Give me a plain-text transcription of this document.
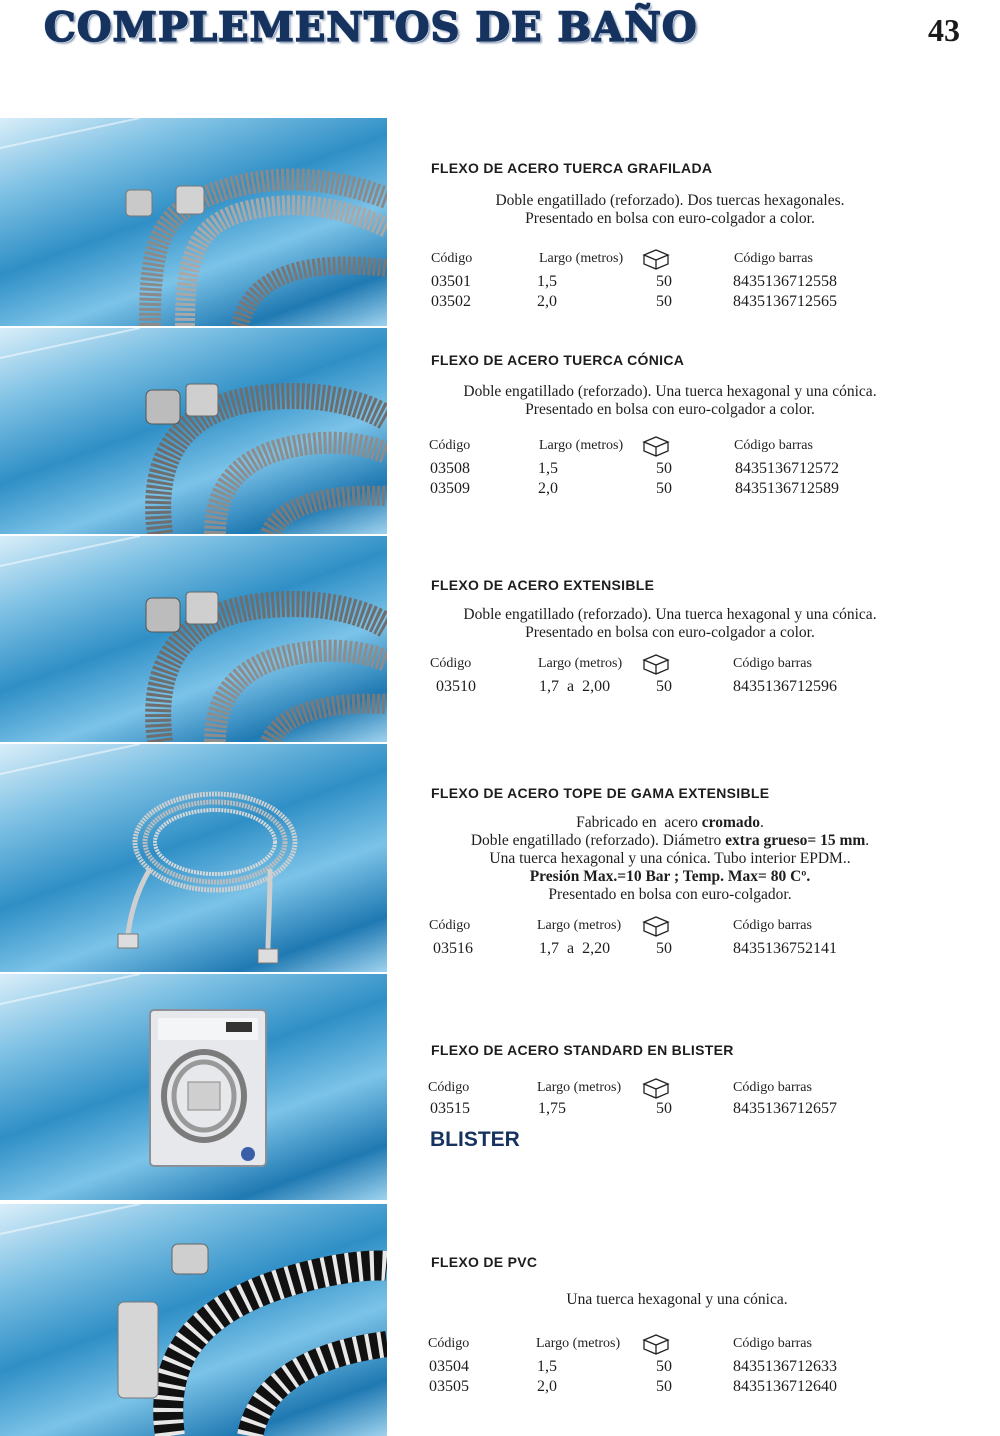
COMPLEMENTOS DE BAÑO	43
FLEXO DE ACERO TUERCA GRAFILADA
Doble engatillado (reforzado). Dos tuercas hexagonales.
Presentado en bolsa con euro-colgador a color.
Código	Largo (metros)	Código barras
03501	1,5	50	8435136712558
03502	2,0	50	8435136712565
FLEXO DE ACERO TUERCA CÓNICA
Doble engatillado (reforzado). Una tuerca hexagonal y una cónica.
Presentado en bolsa con euro-colgador a color.
Código	Largo (metros)	Código barras
03508	1,5	50	8435136712572
03509	2,0	50	8435136712589
FLEXO DE ACERO EXTENSIBLE
Doble engatillado (reforzado). Una tuerca hexagonal y una cónica.
Presentado en bolsa con euro-colgador a color.
Código	Largo (metros)	Código barras
03510	1,7  a  2,00	50	8435136712596
FLEXO DE ACERO TOPE DE GAMA EXTENSIBLE
Fabricado en  acero cromado.
Doble engatillado (reforzado). Diámetro extra grueso= 15 mm.
Una tuerca hexagonal y una cónica. Tubo interior EPDM..
Presión Max.=10 Bar ; Temp. Max= 80 Cº.
Presentado en bolsa con euro-colgador.
Código	Largo (metros)	Código barras
03516	1,7  a  2,20	50	8435136752141
FLEXO DE ACERO STANDARD EN BLISTER
Código	Largo (metros)	Código barras
03515	1,75	50	8435136712657
BLISTER
FLEXO DE PVC
Una tuerca hexagonal y una cónica.
Código	Largo (metros)	Código barras
03504	1,5	50	8435136712633
03505	2,0	50	8435136712640
